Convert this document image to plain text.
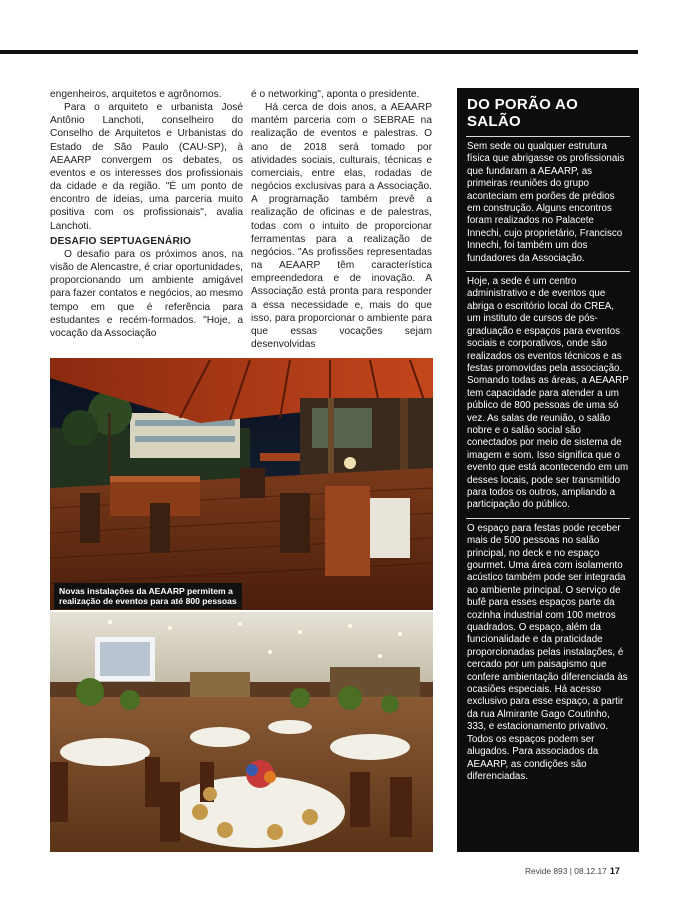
engenheiros, arquitetos e agrônomos.

Para o arquiteto e urbanista José Antônio Lanchoti, conselheiro do Conselho de Arquitetos e Urbanistas do Estado de São Paulo (CAU-SP), à AEAARP convergem os debates, os eventos e os interesses dos profissionais da cidade e da região. "É um ponto de encontro de ideias, uma parceria muito positiva com os profissionais", avalia Lanchoti.

DESAFIO SEPTUAGENÁRIO

O desafio para os próximos anos, na visão de Alencastre, é criar oportunidades, proporcionando um ambiente amigável para fazer contatos e negócios, ao mesmo tempo em que é referência para estudantes e recém-formados. "Hoje, a vocação da Associação

é o networking", aponta o presidente.

Há cerca de dois anos, a AEAARP mantém parceria com o SEBRAE na realização de eventos e palestras. O ano de 2018 será tomado por atividades sociais, culturais, técnicas e comerciais, entre elas, rodadas de negócios exclusivas para a Associação. A programação também prevê a realização de oficinas e de palestras, todas com o intuito de proporcionar ferramentas para a realização de negócios. "As profissões representadas na AEAARP têm característica empreendedora e de inovação. A Associação está pronta para responder a essa necessidade e, mais do que isso, para proporcionar o ambiente para que essas vocações sejam desenvolvidas

Novas instalações da AEAARP permitem a realização de eventos para até 800 pessoas
DO PORÃO AO SALÃO

Sem sede ou qualquer estrutura física que abrigasse os profissionais que fundaram a AEAARP, as primeiras reuniões do grupo aconteciam em porões de prédios em construção. Alguns encontros foram realizados no Palacete Innechi, cujo proprietário, Francisco Innechi, foi também um dos fundadores da Associação.

Hoje, a sede é um centro administrativo e de eventos que abriga o escritório local do CREA, um instituto de cursos de pós-graduação e espaços para eventos sociais e corporativos, onde são realizados os eventos técnicos e as festas promovidas pela associação. Somando todas as áreas, a AEAARP tem capacidade para atender a um público de 800 pessoas de uma só vez. As salas de reunião, o salão nobre e o salão social são conectados por meio de sistema de imagem e som. Isso significa que o evento que está acontecendo em um desses locais, pode ser transmitido para todos os outros, ampliando a participação do público.

O espaço para festas pode receber mais de 500 pessoas no salão principal, no deck e no espaço gourmet. Uma área com isolamento acústico também pode ser integrada ao ambiente principal. O serviço de bufê para esses espaços parte da cozinha industrial com 100 metros quadrados. O espaço, além da funcionalidade e da praticidade proporcionadas pelas instalações, é cercado por um paisagismo que confere ambientação diferenciada às ocasiões especiais. Há acesso exclusivo para esse espaço, a partir da rua Almirante Gago Coutinho, 333, e estacionamento privativo. Todos os espaços podem ser alugados. Para associados da AEAARP, as condições são diferenciadas.

Revide 893 | 08.12.17 17
